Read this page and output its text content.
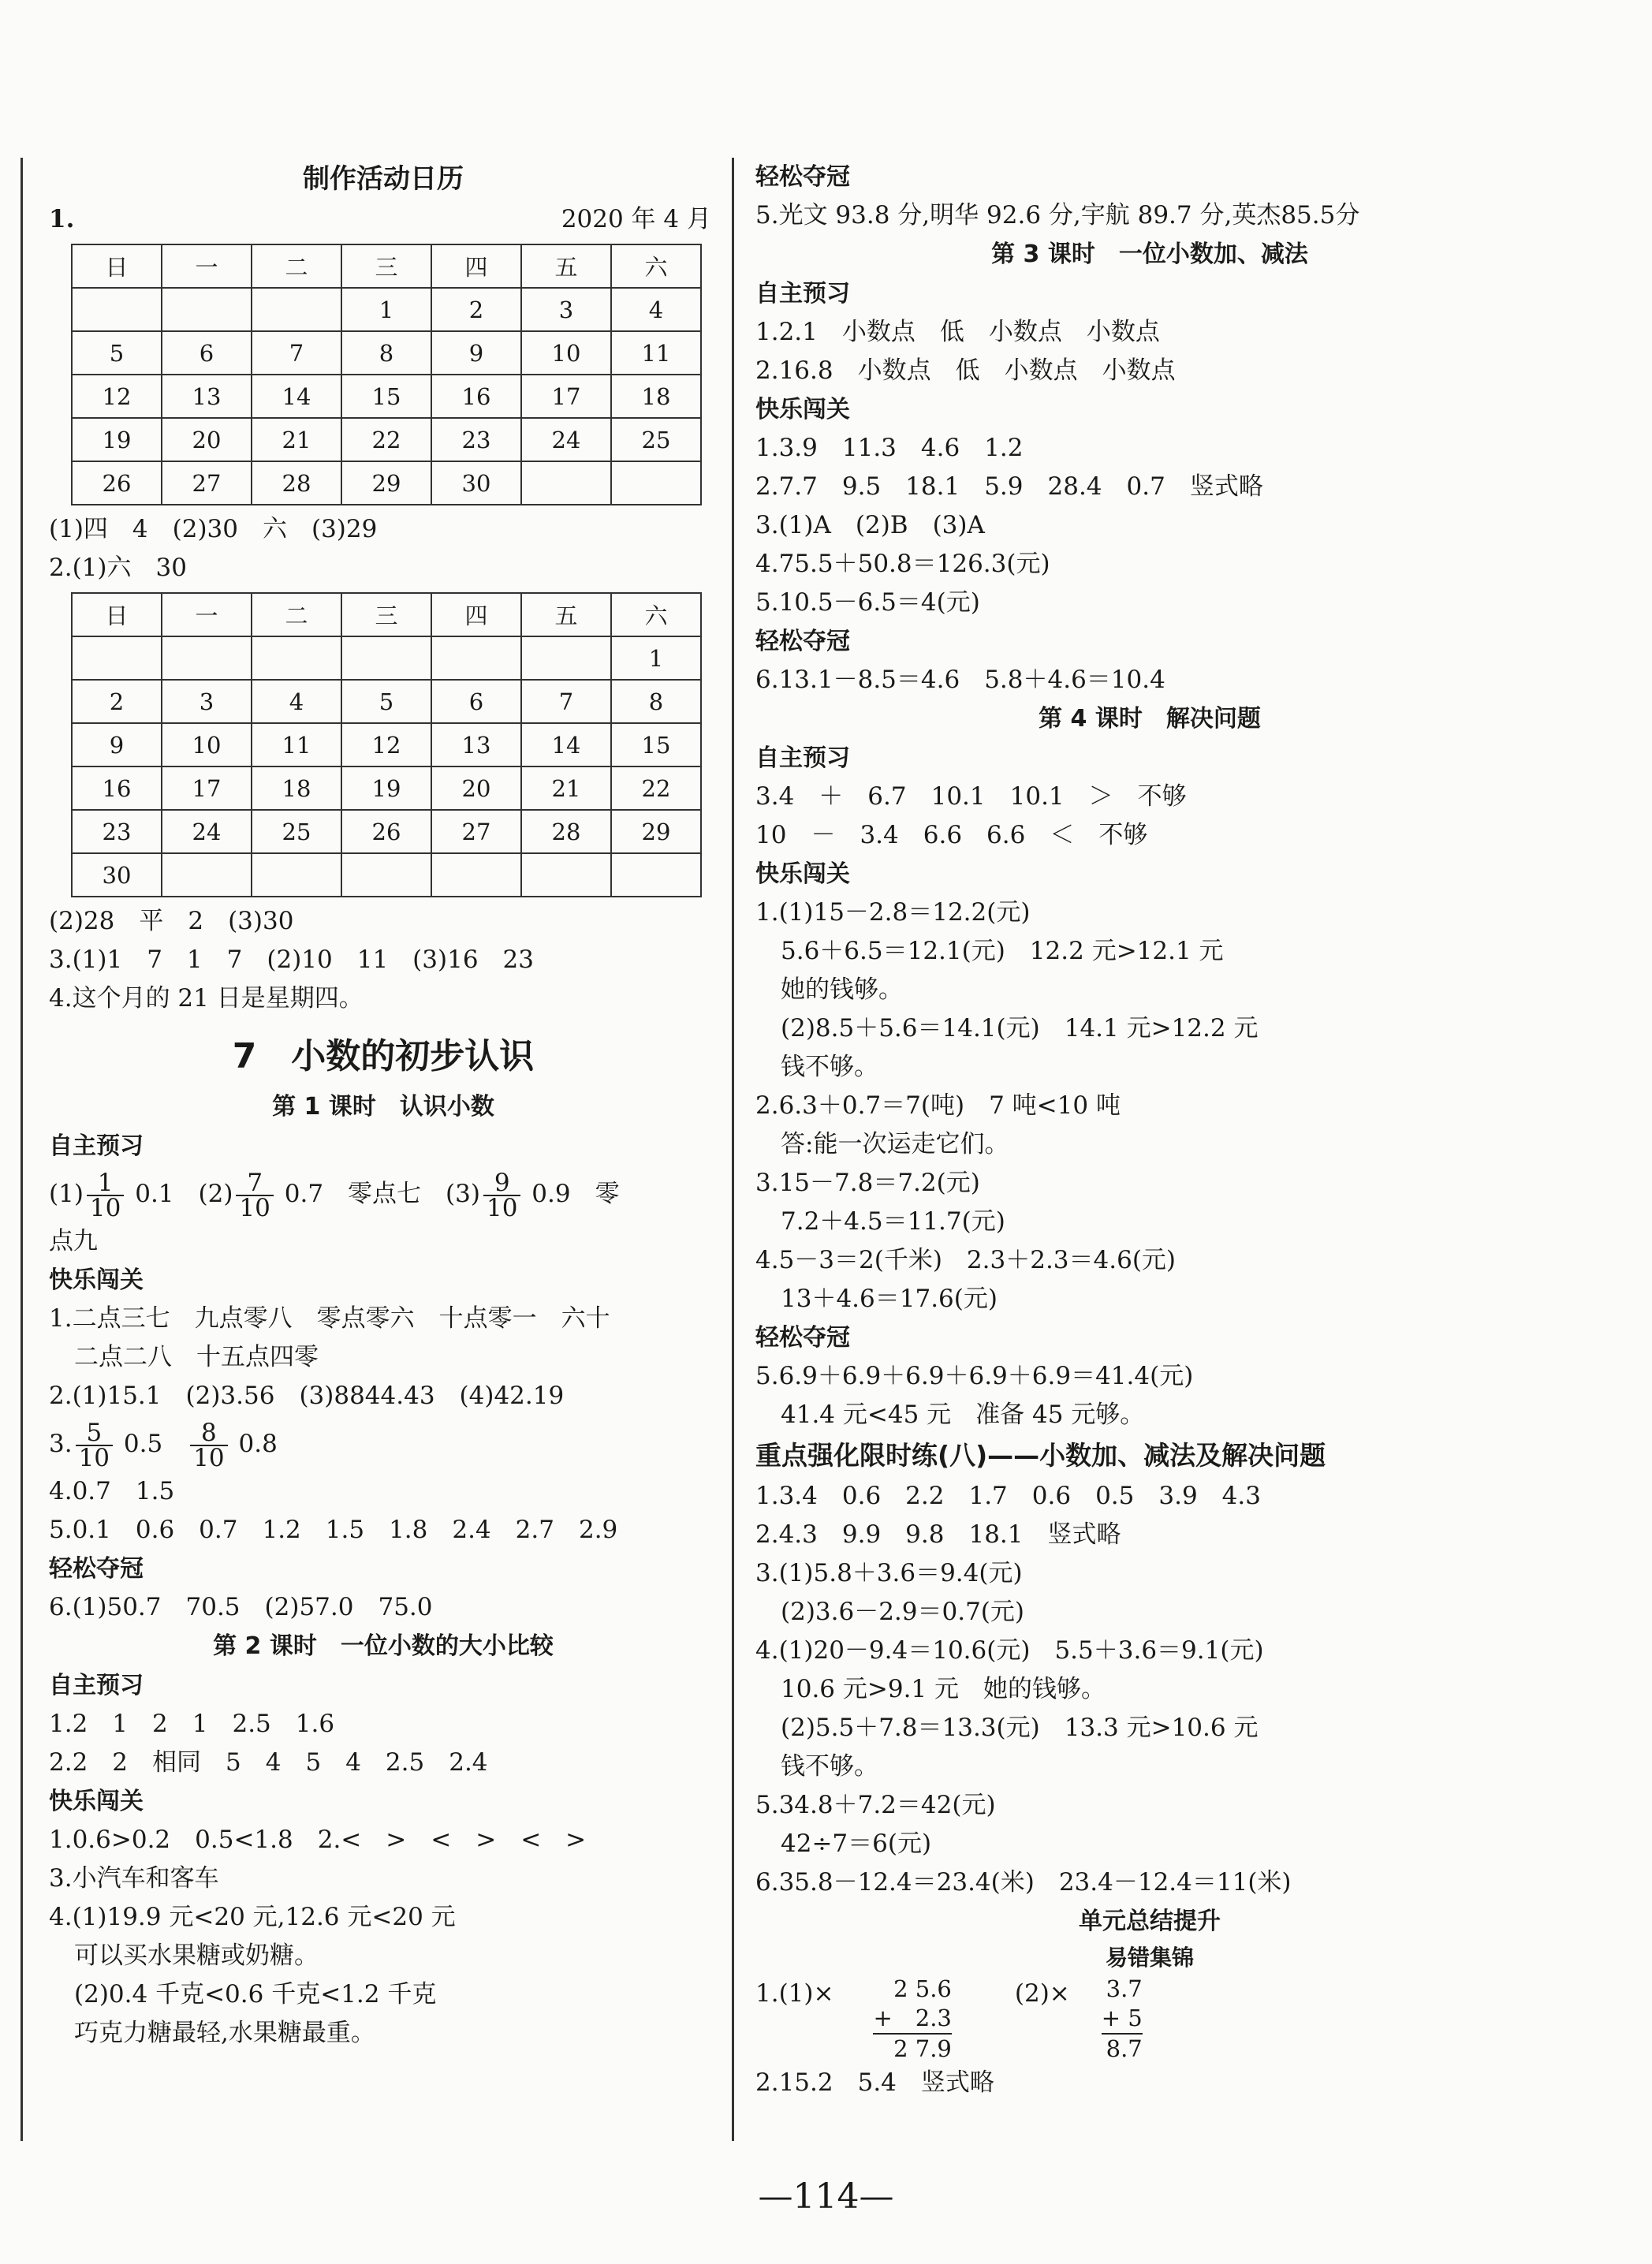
制作活动日历

1.	2020 年 4 月
日	一	二	三	四	五	六
			1	2	3	4
5	6	7	8	9	10	11
12	13	14	15	16	17	18
19	20	21	22	23	24	25
26	27	28	29	30		

(1)四　4　(2)30　六　(3)29

2.(1)六　30

日	一	二	三	四	五	六
						1
2	3	4	5	6	7	8
9	10	11	12	13	14	15
16	17	18	19	20	21	22
23	24	25	26	27	28	29
30						

(2)28　平　2　(3)30

3.(1)1　7　1　7　(2)10　11　(3)16　23

4.这个月的 21 日是星期四。

7　小数的初步认识

第 1 课时　认识小数

自主预习

$(1) \frac{1}{10} 0.1$　$(2) \frac{7}{10} 0.7$　零点七　$(3) \frac{9}{10} 0.9$　零

点九

快乐闯关

1.二点三七　九点零八　零点零六　十点零一　六十

二点二八　十五点四零

2.(1)15.1　(2)3.56　(3)8844.43　(4)42.19

3. $\frac{5}{10} 0.5$　 $\frac{8}{10} 0.8$

4.0.7　1.5

5.0.1　0.6　0.7　1.2　1.5　1.8　2.4　2.7　2.9

轻松夺冠

6.(1)50.7　70.5　(2)57.0　75.0

第 2 课时　一位小数的大小比较

自主预习

1.2　1　2　1　2.5　1.6

2.2　2　相同　5　4　5　4　2.5　2.4

快乐闯关

1.0.6>0.2　0.5<1.8　2.<　>　<　>　<　>

3.小汽车和客车

4.(1)19.9 元<20 元,12.6 元<20 元

可以买水果糖或奶糖。

(2)0.4 千克<0.6 千克<1.2 千克

巧克力糖最轻,水果糖最重。

轻松夺冠

5.光文 93.8 分,明华 92.6 分,宇航 89.7 分,英杰85.5分

第 3 课时　一位小数加、减法

自主预习

1.2.1　小数点　低　小数点　小数点

2.16.8　小数点　低　小数点　小数点

快乐闯关

1.3.9　11.3　4.6　1.2

2.7.7　9.5　18.1　5.9　28.4　0.7　竖式略

3.(1)A　(2)B　(3)A

4.75.5＋50.8＝126.3(元)

5.10.5－6.5＝4(元)

轻松夺冠

6.13.1－8.5＝4.6　5.8＋4.6＝10.4

第 4 课时　解决问题

自主预习

3.4　＋　6.7　10.1　10.1　＞　不够

10　－　3.4　6.6　6.6　＜　不够

快乐闯关

1.(1)15－2.8＝12.2(元)

5.6＋6.5＝12.1(元)　12.2 元>12.1 元

她的钱够。

(2)8.5＋5.6＝14.1(元)　14.1 元>12.2 元

钱不够。

2.6.3＋0.7＝7(吨)　7 吨<10 吨

答:能一次运走它们。

3.15－7.8＝7.2(元)

7.2＋4.5＝11.7(元)

4.5－3＝2(千米)　2.3＋2.3＝4.6(元)

13＋4.6＝17.6(元)

轻松夺冠

5.6.9＋6.9＋6.9＋6.9＋6.9＝41.4(元)

41.4 元<45 元　准备 45 元够。

重点强化限时练(八)——小数加、减法及解决问题

1.3.4　0.6　2.2　1.7　0.6　0.5　3.9　4.3

2.4.3　9.9　9.8　18.1　竖式略

3.(1)5.8＋3.6＝9.4(元)

(2)3.6－2.9＝0.7(元)

4.(1)20－9.4＝10.6(元)　5.5＋3.6＝9.1(元)

10.6 元>9.1 元　她的钱够。

(2)5.5＋7.8＝13.3(元)　13.3 元>10.6 元

钱不够。

5.34.8＋7.2＝42(元)

42÷7＝6(元)

6.35.8－12.4＝23.4(米)　23.4－12.4＝11(米)

单元总结提升

易错集锦

1.(1)×	2 5.6
+　2.3
2 7.9
(2)× 3.7
+ 5
8.7

2.15.2　5.4　竖式略

—114—
